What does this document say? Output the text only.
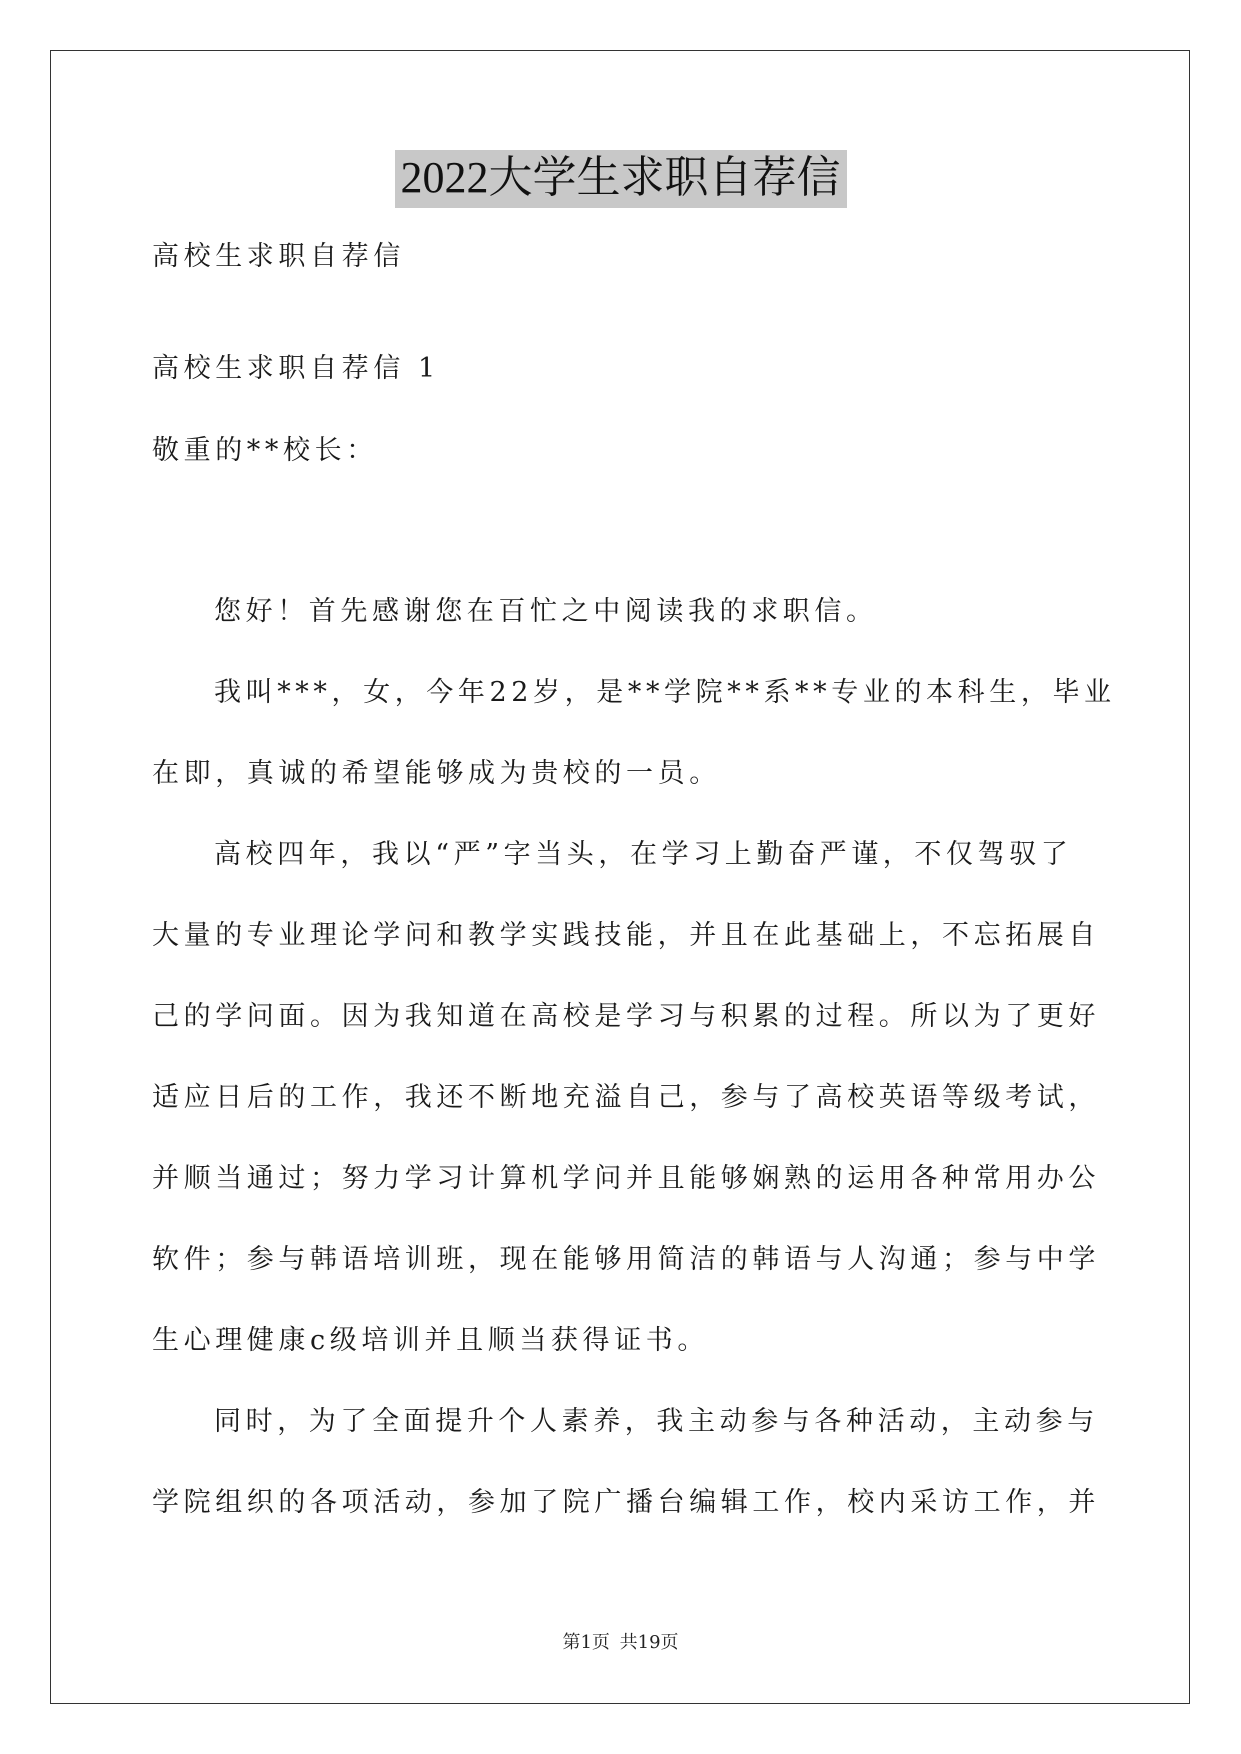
2022大学生求职自荐信
高校生求职自荐信
高校生求职自荐信 1
敬重的**校长：
您好！首先感谢您在百忙之中阅读我的求职信。
我叫***，女，今年22岁，是**学院**系**专业的本科生，毕业
在即，真诚的希望能够成为贵校的一员。
高校四年，我以“严”字当头，在学习上勤奋严谨，不仅驾驭了
大量的专业理论学问和教学实践技能，并且在此基础上，不忘拓展自
己的学问面。因为我知道在高校是学习与积累的过程。所以为了更好
适应日后的工作，我还不断地充溢自己，参与了高校英语等级考试，
并顺当通过；努力学习计算机学问并且能够娴熟的运用各种常用办公
软件；参与韩语培训班，现在能够用简洁的韩语与人沟通；参与中学
生心理健康c级培训并且顺当获得证书。
同时，为了全面提升个人素养，我主动参与各种活动，主动参与
学院组织的各项活动，参加了院广播台编辑工作，校内采访工作，并
第1页 共19页
